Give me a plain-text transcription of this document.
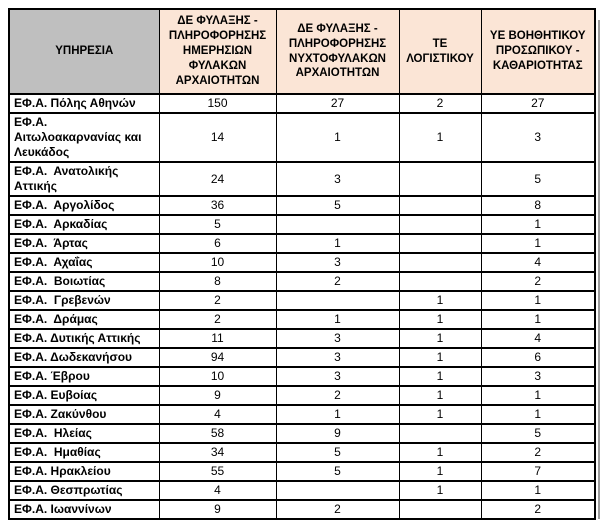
ΥΠΗΡΕΣΙΑ	ΔΕ ΦΥΛΑΞΗΣ - ΠΛΗΡΟΦΟΡΗΣΗΣ ΗΜΕΡΗΣΙΩΝ ΦΥΛΑΚΩΝ ΑΡΧΑΙΟΤΗΤΩΝ	ΔΕ ΦΥΛΑΞΗΣ - ΠΛΗΡΟΦΟΡΗΣΗΣ ΝΥΧΤΟΦΥΛΑΚΩΝ ΑΡΧΑΙΟΤΗΤΩΝ	ΤΕ ΛΟΓΙΣΤΙΚΟΥ	ΥΕ ΒΟΗΘΗΤΙΚΟΥ ΠΡΟΣΩΠΙΚΟΥ - ΚΑΘΑΡΙΟΤΗΤΑΣ
ΕΦ.Α. Πόλης Αθηνών	150	27	2	27
ΕΦ.Α. Αιτωλοακαρνανίας και Λευκάδος	14	1	1	3
ΕΦ.Α.  Ανατολικής Αττικής	24	3		5
ΕΦ.Α.  Αργολίδος	36	5		8
ΕΦ.Α.  Αρκαδίας	5			1
ΕΦ.Α.  Άρτας	6	1		1
ΕΦ.Α.  Αχαΐας	10	3		4
ΕΦ.Α.  Βοιωτίας	8	2		2
ΕΦ.Α.  Γρεβενών	2		1	1
ΕΦ.Α.  Δράμας	2	1	1	1
ΕΦ.Α. Δυτικής Αττικής	11	3	1	4
ΕΦ.Α. Δωδεκανήσου	94	3	1	6
ΕΦ.Α. Έβρου	10	3	1	3
ΕΦ.Α. Ευβοίας	9	2	1	1
ΕΦ.Α. Ζακύνθου	4	1	1	1
ΕΦ.Α.  Ηλείας	58	9		5
ΕΦ.Α.  Ημαθίας	34	5	1	2
ΕΦ.Α. Ηρακλείου	55	5	1	7
ΕΦ.Α. Θεσπρωτίας	4		1	1
ΕΦ.Α. Ιωαννίνων	9	2		2
